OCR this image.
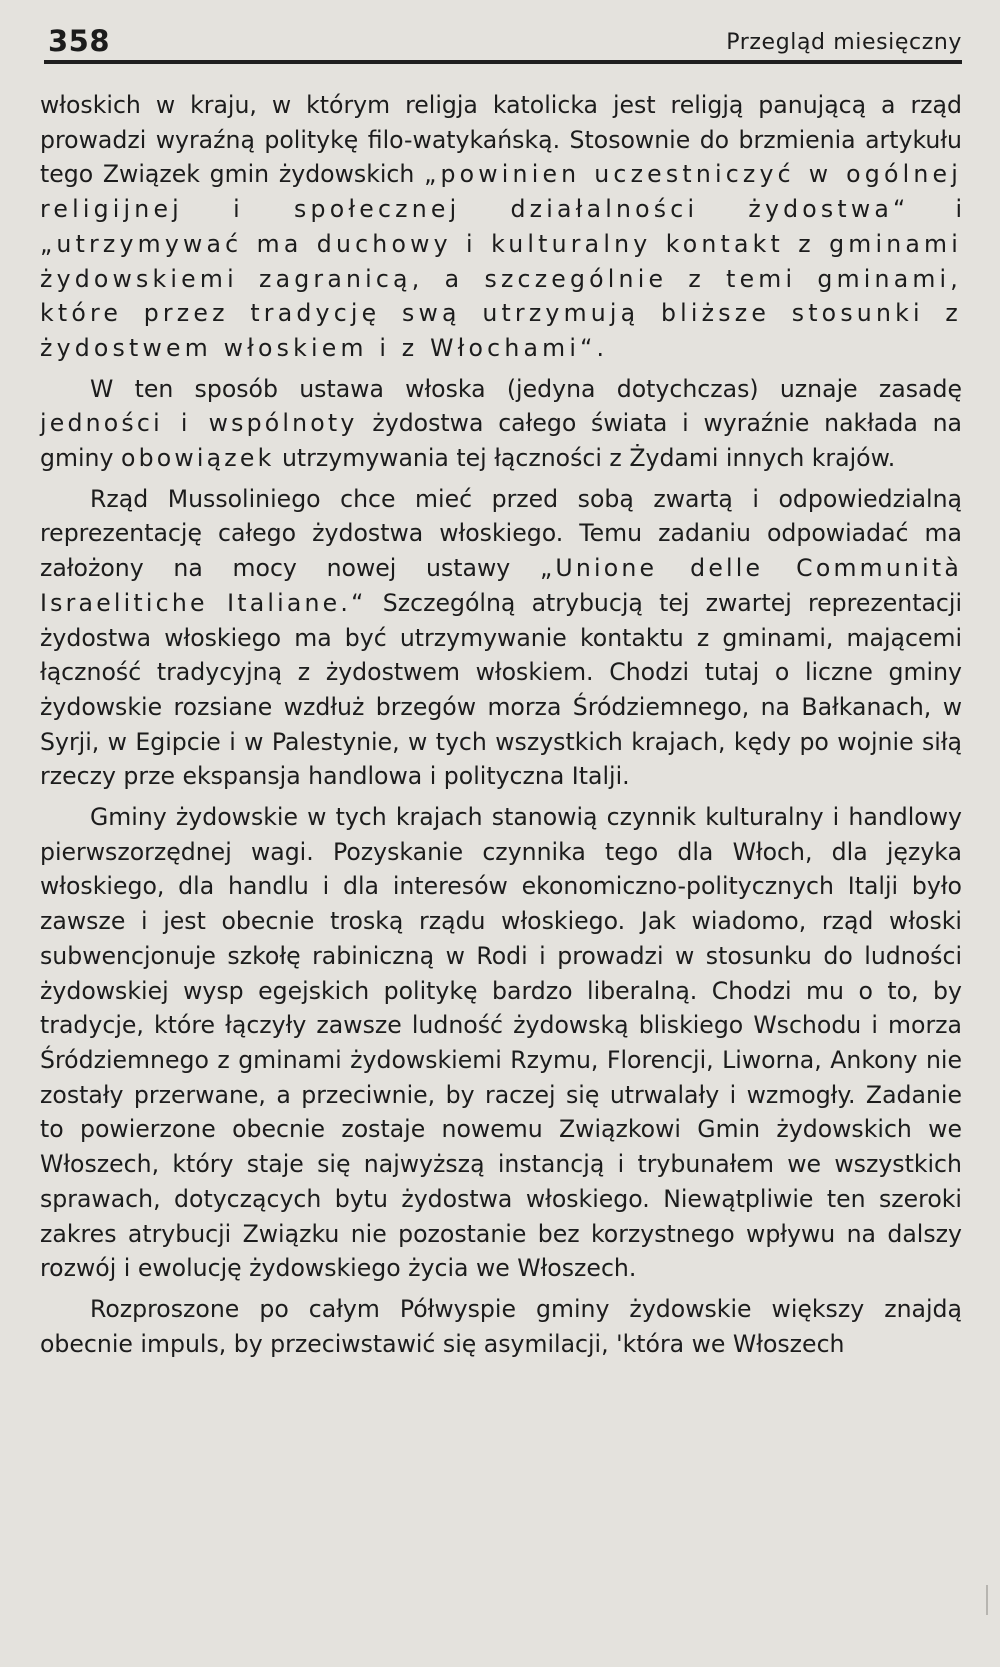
358	Przegląd miesięczny

włoskich w kraju, w którym religja katolicka jest religją panującą a rząd prowadzi wyraźną politykę filo-watykańską. Stosownie do brzmienia artykułu tego Związek gmin żydowskich „powinien uczestniczyć w ogólnej religijnej i społecznej działalności żydostwa“ i „utrzymywać ma duchowy i kulturalny kontakt z gminami żydowskiemi zagranicą, a szczególnie z temi gminami, które przez tradycję swą utrzymują bliższe stosunki z żydostwem włoskiem i z Włochami“.

W ten sposób ustawa włoska (jedyna dotychczas) uznaje zasadę jedności i wspólnoty żydostwa całego świata i wyraźnie nakłada na gminy obowiązek utrzymywania tej łączności z Żydami innych krajów.

Rząd Mussoliniego chce mieć przed sobą zwartą i odpowiedzialną reprezentację całego żydostwa włoskiego. Temu zadaniu odpowiadać ma założony na mocy nowej ustawy „Unione delle Communità Israelitiche Italiane.“ Szczególną atrybucją tej zwartej reprezentacji żydostwa włoskiego ma być utrzymywanie kontaktu z gminami, mającemi łączność tradycyjną z żydostwem włoskiem. Chodzi tutaj o liczne gminy żydowskie rozsiane wzdłuż brzegów morza Śródziemnego, na Bałkanach, w Syrji, w Egipcie i w Palestynie, w tych wszystkich krajach, kędy po wojnie siłą rzeczy prze ekspansja handlowa i polityczna Italji.

Gminy żydowskie w tych krajach stanowią czynnik kulturalny i handlowy pierwszorzędnej wagi. Pozyskanie czynnika tego dla Włoch, dla języka włoskiego, dla handlu i dla interesów ekonomiczno-politycznych Italji było zawsze i jest obecnie troską rządu włoskiego. Jak wiadomo, rząd włoski subwencjonuje szkołę rabiniczną w Rodi i prowadzi w stosunku do ludności żydowskiej wysp egejskich politykę bardzo liberalną. Chodzi mu o to, by tradycje, które łączyły zawsze ludność żydowską bliskiego Wschodu i morza Śródziemnego z gminami żydowskiemi Rzymu, Florencji, Liworna, Ankony nie zostały przerwane, a przeciwnie, by raczej się utrwalały i wzmogły. Zadanie to powierzone obecnie zostaje nowemu Związkowi Gmin żydowskich we Włoszech, który staje się najwyższą instancją i trybunałem we wszystkich sprawach, dotyczących bytu żydostwa włoskiego. Niewątpliwie ten szeroki zakres atrybucji Związku nie pozostanie bez korzystnego wpływu na dalszy rozwój i ewolucję żydowskiego życia we Włoszech.

Rozproszone po całym Półwyspie gminy żydowskie większy znajdą obecnie impuls, by przeciwstawić się asymilacji, 'która we Włoszech
